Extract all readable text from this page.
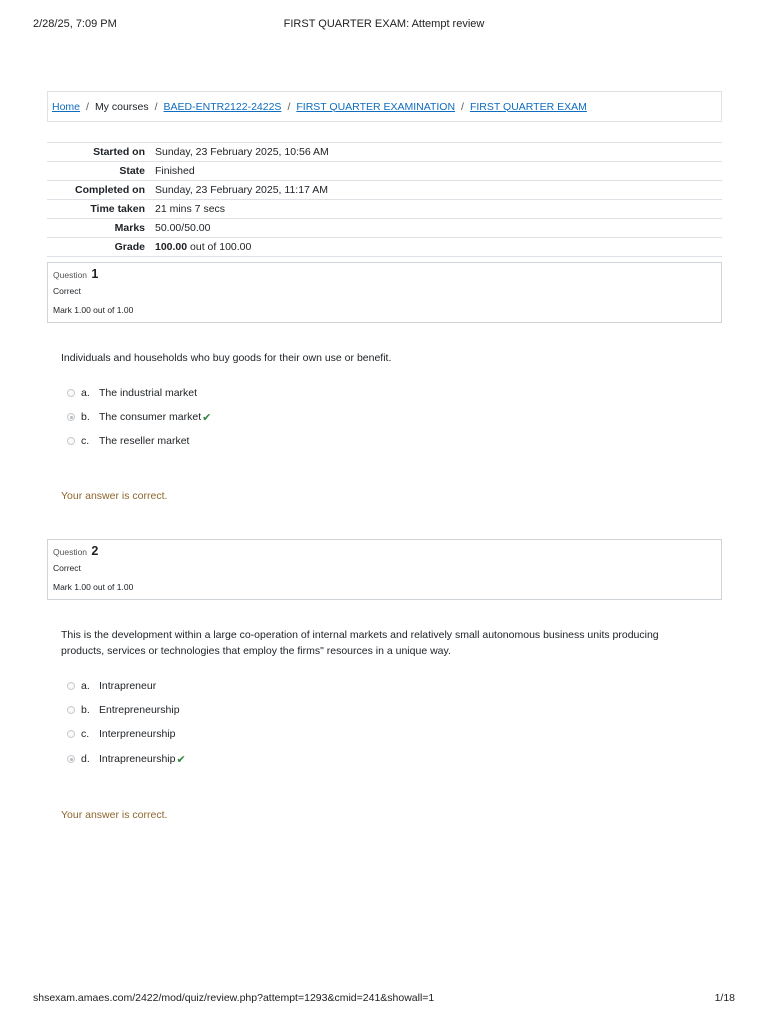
2/28/25, 7:09 PM	FIRST QUARTER EXAM: Attempt review
Home / My courses / BAED-ENTR2122-2422S / FIRST QUARTER EXAMINATION / FIRST QUARTER EXAM
Started on	Sunday, 23 February 2025, 10:56 AM
State	Finished
Completed on	Sunday, 23 February 2025, 11:17 AM
Time taken	21 mins 7 secs
Marks	50.00/50.00
Grade	100.00 out of 100.00
Question 1
Correct
Mark 1.00 out of 1.00
Individuals and households who buy goods for their own use or benefit.
a. The industrial market
b. The consumer market ✔
c. The reseller market
Your answer is correct.
Question 2
Correct
Mark 1.00 out of 1.00
This is the development within a large co-operation of internal markets and relatively small autonomous business units producing products, services or technologies that employ the firms" resources in a unique way.
a. Intrapreneur
b. Entrepreneurship
c. Interpreneurship
d. Intrapreneurship ✔
Your answer is correct.
shsexam.amaes.com/2422/mod/quiz/review.php?attempt=1293&cmid=241&showall=1	1/18
